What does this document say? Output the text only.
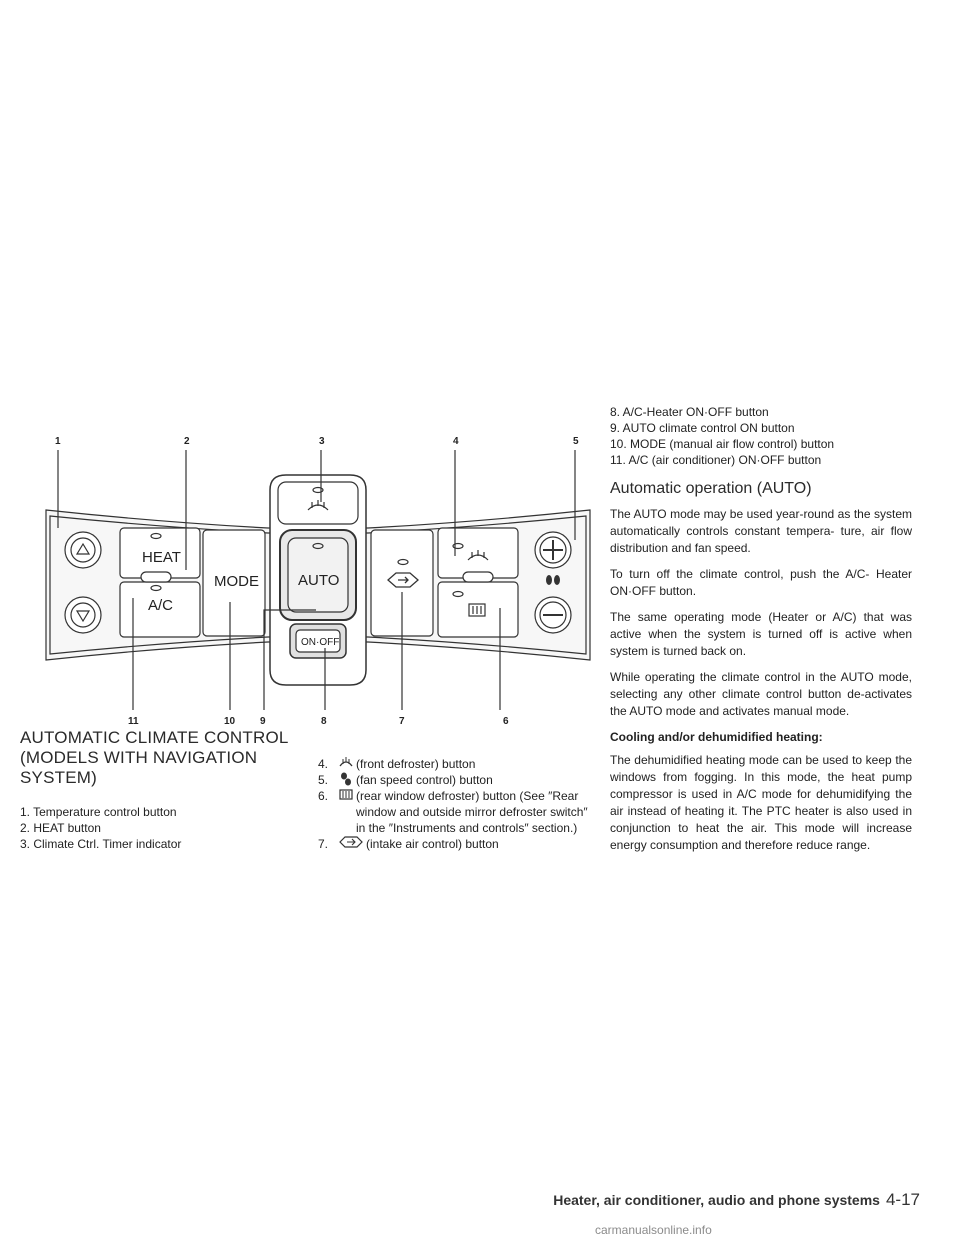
1	2	3	4	5
11	10 9	8	7	6
HEAT
A/C
MODE	AUTO
ON·OFF
AUTOMATIC CLIMATE CONTROL
(MODELS WITH NAVIGATION
SYSTEM)
1. Temperature control button
2. HEAT button
3. Climate Ctrl. Timer indicator
4.	(front defroster) button
5.	(fan speed control) button
6.	(rear window defroster) button (See ″Rear window and outside mirror defroster switch″ in the ″Instruments and controls″ section.)
7.	(intake air control) button
8. A/C-Heater ON·OFF button
9. AUTO climate control ON button
10. MODE (manual air flow control) button
11. A/C (air conditioner) ON·OFF button
Automatic operation (AUTO)

The AUTO mode may be used year-round as the system automatically controls constant tempera- ture, air flow distribution and fan speed.

To turn off the climate control, push the A/C- Heater ON·OFF button.

The same operating mode (Heater or A/C) that was active when the system is turned off is active when system is turned back on.

While operating the climate control in the AUTO mode, selecting any other climate control button de-activates the AUTO mode and activates manual mode.

Cooling and/or dehumidified heating:

The dehumidified heating mode can be used to keep the windows from fogging. In this mode, the heat pump compressor is used in A/C mode for dehumidifying the air instead of heating it. The PTC heater is also used in conjunction to heat the air. This mode will increase energy consumption and therefore reduce range.

Heater, air conditioner, audio and phone systems 4-17
carmanualsonline.info
